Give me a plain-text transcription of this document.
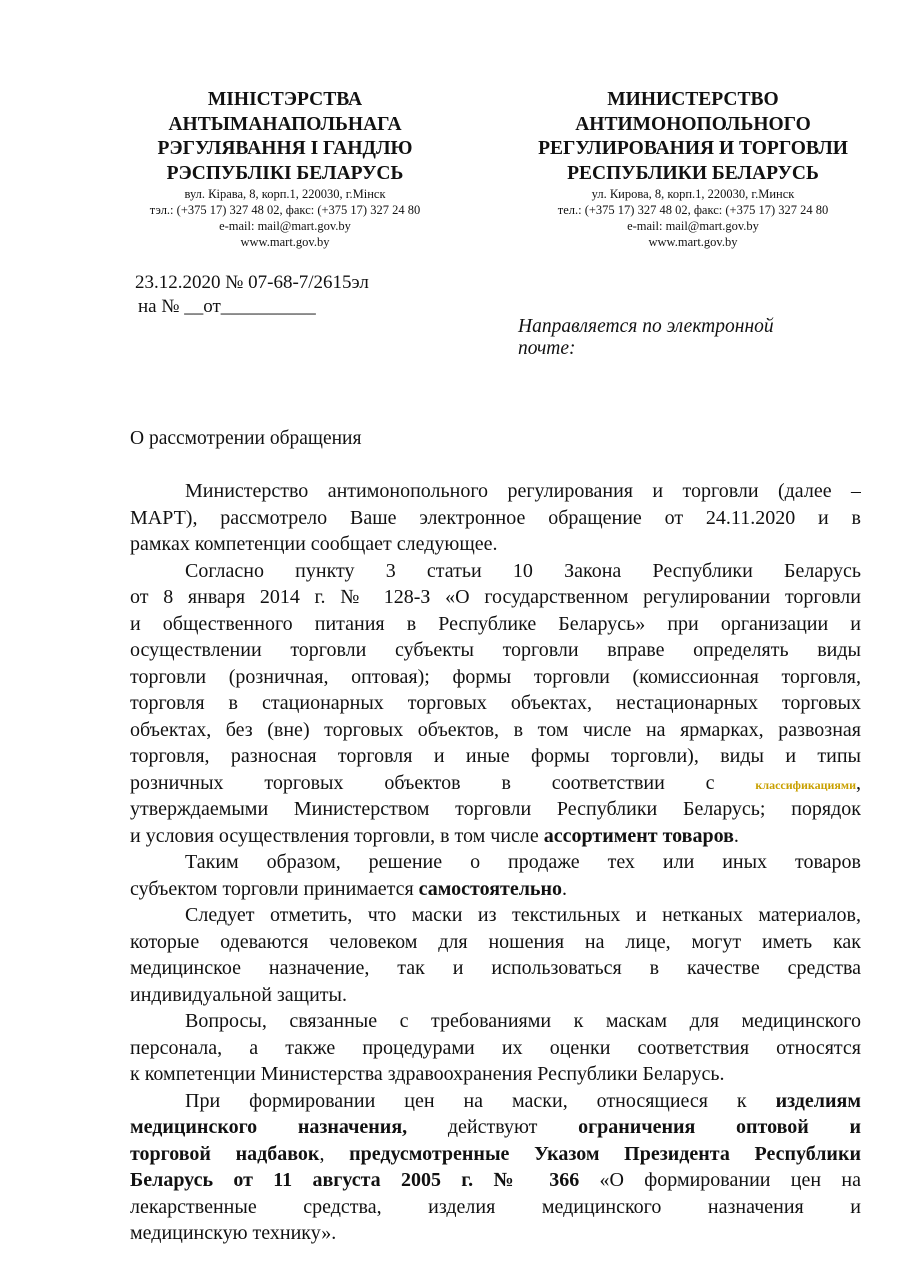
МІНІСТЭРСТВА
АНТЫМАНАПОЛЬНАГА
РЭГУЛЯВАННЯ І ГАНДЛЮ
РЭСПУБЛІКІ БЕЛАРУСЬ
вул. Кірава, 8, корп.1, 220030, г.Мінск
тэл.: (+375 17) 327 48 02, факс: (+375 17) 327 24 80
e-mail: mail@mart.gov.by
www.mart.gov.by
МИНИСТЕРСТВО
АНТИМОНОПОЛЬНОГО
РЕГУЛИРОВАНИЯ И ТОРГОВЛИ
РЕСПУБЛИКИ БЕЛАРУСЬ
ул. Кирова, 8, корп.1, 220030, г.Минск
тел.: (+375 17) 327 48 02, факс: (+375 17) 327 24 80
e-mail: mail@mart.gov.by
www.mart.gov.by
23.12.2020 № 07-68-7/2615эл
на № __от__________
Направляется по электронной
почте:
О рассмотрении обращения
Министерство антимонопольного регулирования и торговли (далее –
МАРТ), рассмотрело Ваше электронное обращение от 24.11.2020 и в
рамках компетенции сообщает следующее.
Согласно пункту 3 статьи 10 Закона Республики Беларусь
от 8 января 2014 г. № 128-З «О государственном регулировании торговли
и общественного питания в Республике Беларусь» при организации и
осуществлении торговли субъекты торговли вправе определять виды
торговли (розничная, оптовая); формы торговли (комиссионная торговля,
торговля в стационарных торговых объектах, нестационарных торговых
объектах, без (вне) торговых объектов, в том числе на ярмарках, развозная
торговля, разносная торговля и иные формы торговли), виды и типы
розничных торговых объектов в соответствии с классификациями,
утверждаемыми Министерством торговли Республики Беларусь; порядок
и условия осуществления торговли, в том числе ассортимент товаров.
Таким образом, решение о продаже тех или иных товаров
субъектом торговли принимается самостоятельно.
Следует отметить, что маски из текстильных и нетканых материалов,
которые одеваются человеком для ношения на лице, могут иметь как
медицинское назначение, так и использоваться в качестве средства
индивидуальной защиты.
Вопросы, связанные с требованиями к маскам для медицинского
персонала, а также процедурами их оценки соответствия относятся
к компетенции Министерства здравоохранения Республики Беларусь.
При формировании цен на маски, относящиеся к изделиям
медицинского назначения, действуют ограничения оптовой и
торговой надбавок, предусмотренные Указом Президента Республики
Беларусь от 11 августа 2005 г. № 366 «О формировании цен на
лекарственные средства, изделия медицинского назначения и
медицинскую технику».
